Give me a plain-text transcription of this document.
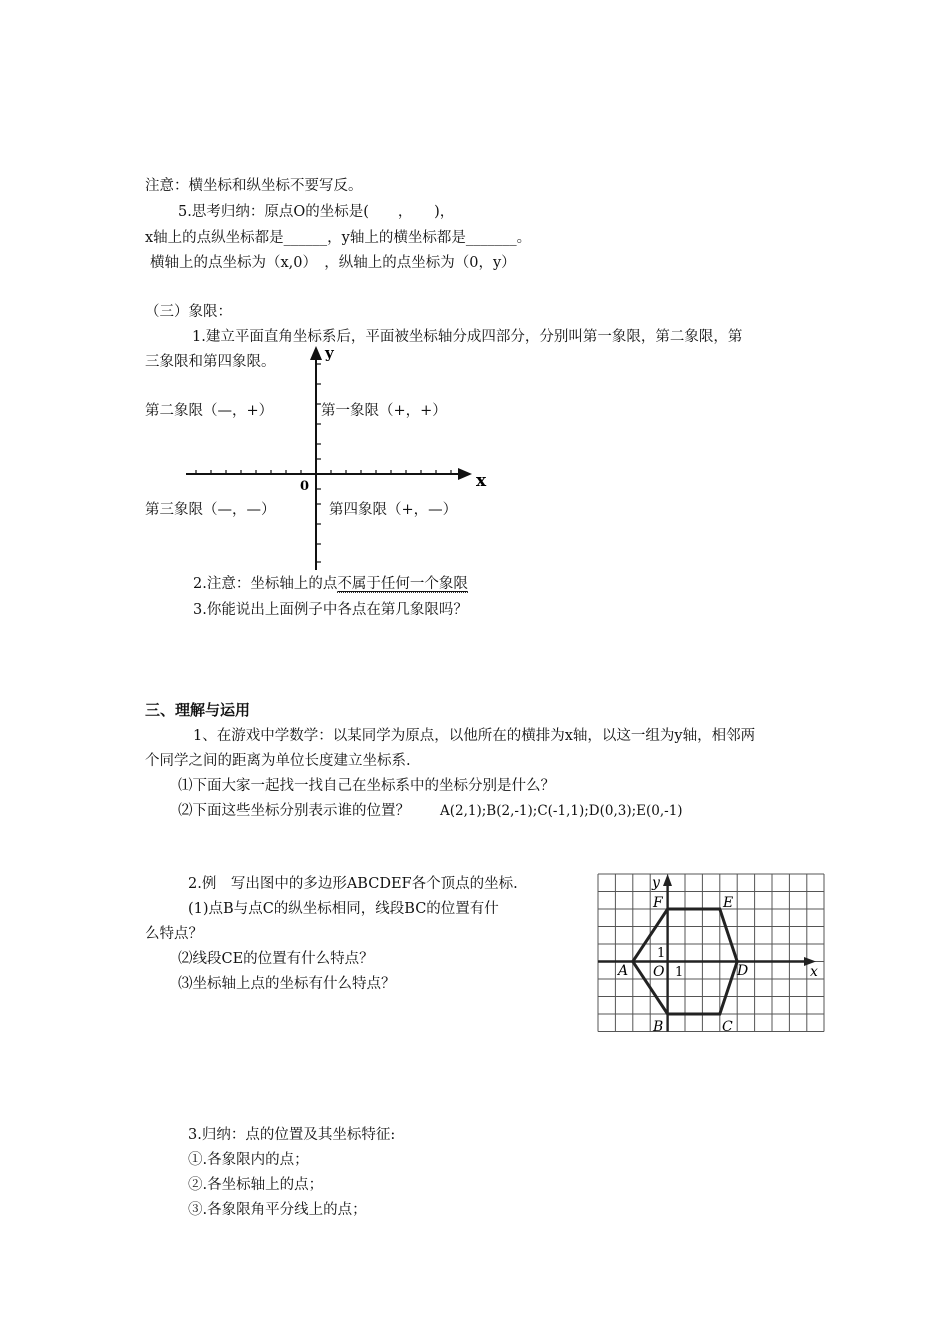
注意：横坐标和纵坐标不要写反。
5.思考归纳：原点O的坐标是(　　，　　)，
x轴上的点纵坐标都是______，y轴上的横坐标都是_______。
横轴上的点坐标为（x,0）　，纵轴上的点坐标为（0，y）
（三）象限：
1.建立平面直角坐标系后，平面被坐标轴分成四部分，分别叫第一象限，第二象限，第
三象限和第四象限。
x
y
0
第二象限（—，+）	第一象限（+，+）
第三象限（—，—）	第四象限（+，—）
2.注意：坐标轴上的点不属于任何一个象限
3.你能说出上面例子中各点在第几象限吗？
三、理解与运用
1、在游戏中学数学：以某同学为原点，以他所在的横排为x轴，以这一组为y轴，相邻两
个同学之间的距离为单位长度建立坐标系.
⑴下面大家一起找一找自己在坐标系中的坐标分别是什么？
⑵下面这些坐标分别表示谁的位置？ A(2,1);B(2,-1);C(-1,1);D(0,3);E(0,-1)
2.例　写出图中的多边形ABCDEF各个顶点的坐标.
(1)点B与点C的纵坐标相同，线段BC的位置有什
么特点？
⑵线段CE的位置有什么特点？
⑶坐标轴上点的坐标有什么特点？
A
B	C
D
E
F
O 1
1
x
y
3.归纳：点的位置及其坐标特征:
①.各象限内的点；
②.各坐标轴上的点；
③.各象限角平分线上的点；
